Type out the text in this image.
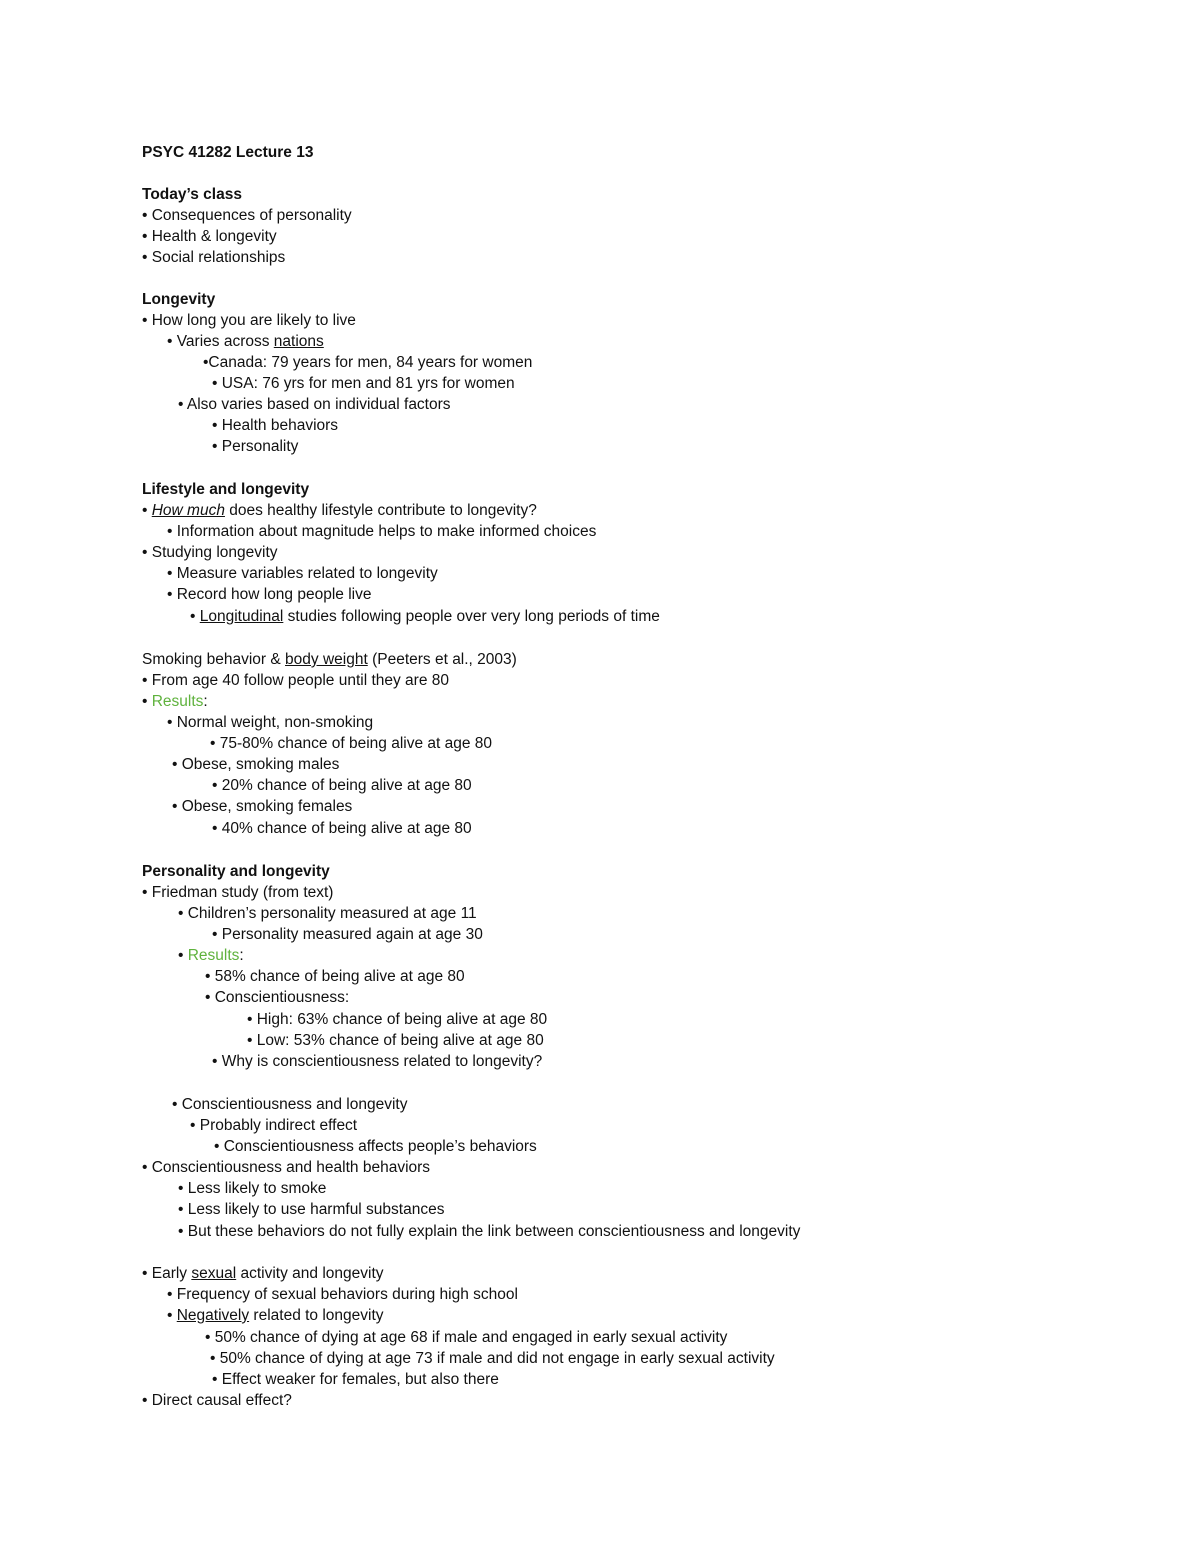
PSYC 41282 Lecture 13
Today’s class
• Consequences of personality
• Health & longevity
• Social relationships
Longevity
• How long you are likely to live
• Varies across nations
•Canada: 79 years for men, 84 years for women
• USA: 76 yrs for men and 81 yrs for women
• Also varies based on individual factors
• Health behaviors
• Personality
Lifestyle and longevity
• How much does healthy lifestyle contribute to longevity?
• Information about magnitude helps to make informed choices
• Studying longevity
• Measure variables related to longevity
• Record how long people live
• Longitudinal studies following people over very long periods of time
Smoking behavior & body weight (Peeters et al., 2003)
• From age 40 follow people until they are 80
• Results:
• Normal weight, non-smoking
• 75-80% chance of being alive at age 80
• Obese, smoking males
• 20% chance of being alive at age 80
• Obese, smoking females
• 40% chance of being alive at age 80
Personality and longevity
• Friedman study (from text)
• Children’s personality measured at age 11
• Personality measured again at age 30
• Results:
• 58% chance of being alive at age 80
• Conscientiousness:
• High: 63% chance of being alive at age 80
• Low: 53% chance of being alive at age 80
• Why is conscientiousness related to longevity?
• Conscientiousness and longevity
• Probably indirect effect
• Conscientiousness affects people’s behaviors
• Conscientiousness and health behaviors
• Less likely to smoke
• Less likely to use harmful substances
• But these behaviors do not fully explain the link between conscientiousness and longevity
• Early sexual activity and longevity
• Frequency of sexual behaviors during high school
• Negatively related to longevity
• 50% chance of dying at age 68 if male and engaged in early sexual activity
• 50% chance of dying at age 73 if male and did not engage in early sexual activity
• Effect weaker for females, but also there
• Direct causal effect?
